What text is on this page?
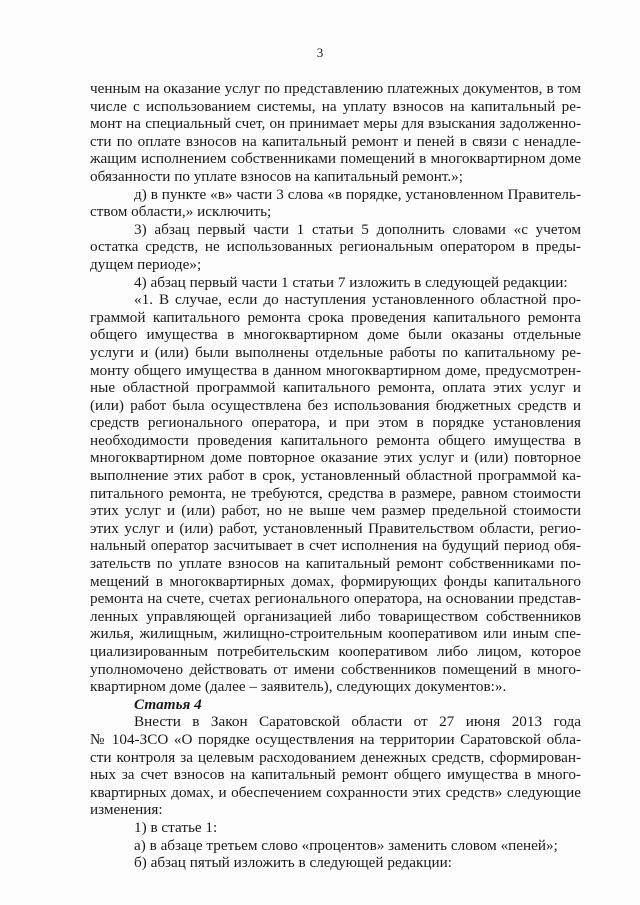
3
ченным на оказание услуг по представлению платежных документов, в том
числе с использованием системы, на уплату взносов на капитальный ре-
монт на специальный счет, он принимает меры для взыскания задолженно-
сти по оплате взносов на капитальный ремонт и пеней в связи с ненадле-
жащим исполнением собственниками помещений в многоквартирном доме
обязанности по уплате взносов на капитальный ремонт.»;
д) в пункте «в» части 3 слова «в порядке, установленном Правитель-
ством области,» исключить;
3) абзац первый части 1 статьи 5 дополнить словами «с учетом
остатка средств, не использованных региональным оператором в преды-
дущем периоде»;
4) абзац первый части 1 статьи 7 изложить в следующей редакции:
«1. В случае, если до наступления установленного областной про-
граммой капитального ремонта срока проведения капитального ремонта
общего имущества в многоквартирном доме были оказаны отдельные
услуги и (или) были выполнены отдельные работы по капитальному ре-
монту общего имущества в данном многоквартирном доме, предусмотрен-
ные областной программой капитального ремонта, оплата этих услуг и
(или) работ была осуществлена без использования бюджетных средств и
средств регионального оператора, и при этом в порядке установления
необходимости проведения капитального ремонта общего имущества в
многоквартирном доме повторное оказание этих услуг и (или) повторное
выполнение этих работ в срок, установленный областной программой ка-
питального ремонта, не требуются, средства в размере, равном стоимости
этих услуг и (или) работ, но не выше чем размер предельной стоимости
этих услуг и (или) работ, установленный Правительством области, регио-
нальный оператор засчитывает в счет исполнения на будущий период обя-
зательств по уплате взносов на капитальный ремонт собственниками по-
мещений в многоквартирных домах, формирующих фонды капитального
ремонта на счете, счетах регионального оператора, на основании представ-
ленных управляющей организацией либо товариществом собственников
жилья, жилищным, жилищно-строительным кооперативом или иным спе-
циализированным потребительским кооперативом либо лицом, которое
уполномочено действовать от имени собственников помещений в много-
квартирном доме (далее – заявитель), следующих документов:».
Статья 4
Внести в Закон Саратовской области от 27 июня 2013 года
№ 104-ЗСО «О порядке осуществления на территории Саратовской обла-
сти контроля за целевым расходованием денежных средств, сформирован-
ных за счет взносов на капитальный ремонт общего имущества в много-
квартирных домах, и обеспечением сохранности этих средств» следующие
изменения:
1) в статье 1:
а) в абзаце третьем слово «процентов» заменить словом «пеней»;
б) абзац пятый изложить в следующей редакции:
